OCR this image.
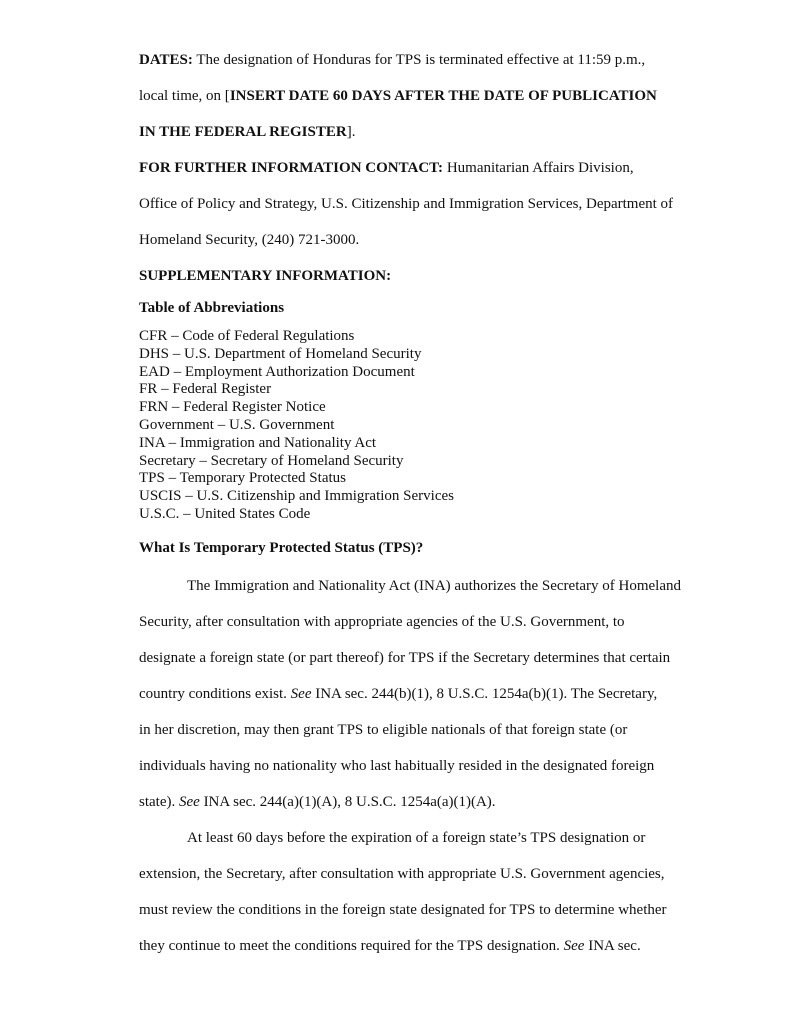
DATES: The designation of Honduras for TPS is terminated effective at 11:59 p.m.,
local time, on [INSERT DATE 60 DAYS AFTER THE DATE OF PUBLICATION
IN THE FEDERAL REGISTER].
FOR FURTHER INFORMATION CONTACT: Humanitarian Affairs Division,
Office of Policy and Strategy, U.S. Citizenship and Immigration Services, Department of
Homeland Security, (240) 721-3000.
SUPPLEMENTARY INFORMATION:
Table of Abbreviations
CFR – Code of Federal Regulations
DHS – U.S. Department of Homeland Security
EAD – Employment Authorization Document
FR – Federal Register
FRN – Federal Register Notice
Government – U.S. Government
INA – Immigration and Nationality Act
Secretary – Secretary of Homeland Security
TPS – Temporary Protected Status
USCIS – U.S. Citizenship and Immigration Services
U.S.C. – United States Code
What Is Temporary Protected Status (TPS)?
The Immigration and Nationality Act (INA) authorizes the Secretary of Homeland
Security, after consultation with appropriate agencies of the U.S. Government, to
designate a foreign state (or part thereof) for TPS if the Secretary determines that certain
country conditions exist. See INA sec. 244(b)(1), 8 U.S.C. 1254a(b)(1). The Secretary,
in her discretion, may then grant TPS to eligible nationals of that foreign state (or
individuals having no nationality who last habitually resided in the designated foreign
state). See INA sec. 244(a)(1)(A), 8 U.S.C. 1254a(a)(1)(A).
At least 60 days before the expiration of a foreign state’s TPS designation or
extension, the Secretary, after consultation with appropriate U.S. Government agencies,
must review the conditions in the foreign state designated for TPS to determine whether
they continue to meet the conditions required for the TPS designation. See INA sec.
